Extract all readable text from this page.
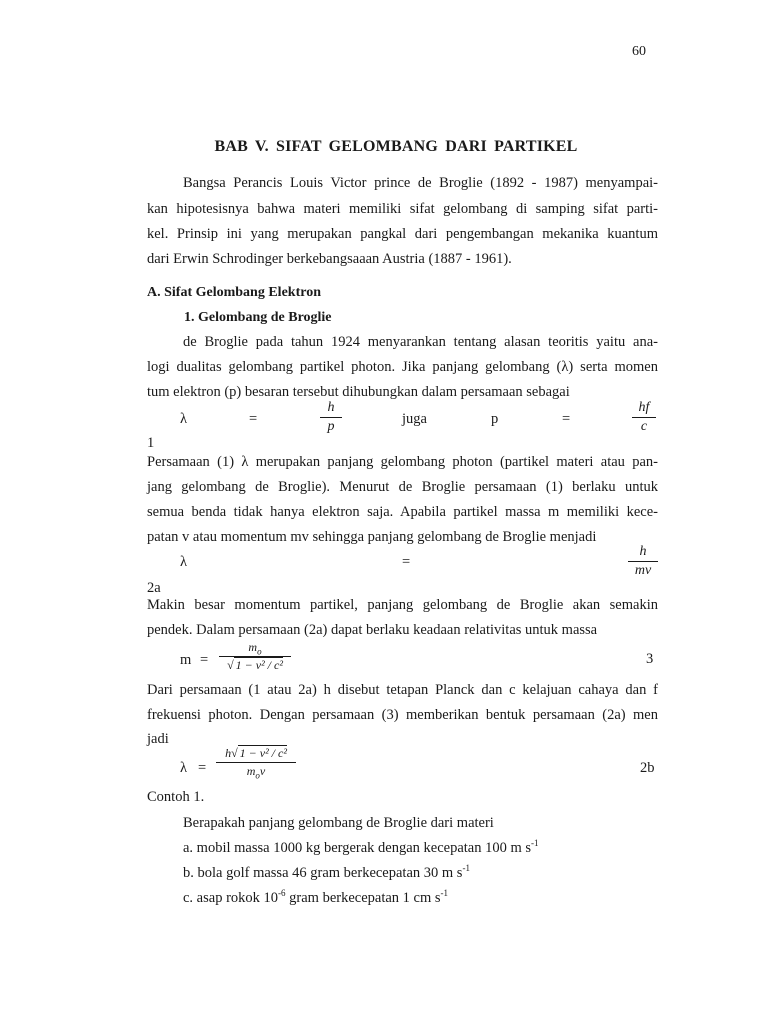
60
BAB V. SIFAT GELOMBANG DARI PARTIKEL
Bangsa Perancis Louis Victor prince de Broglie (1892 - 1987) menyampai-
kan hipotesisnya bahwa materi memiliki sifat gelombang di samping sifat parti-
kel. Prinsip ini yang merupakan pangkal dari pengembangan mekanika kuantum
dari Erwin Schrodinger berkebangsaaan Austria (1887 - 1961).
A. Sifat Gelombang Elektron
1. Gelombang de Broglie
de Broglie pada tahun 1924 menyarankan tentang alasan teoritis yaitu ana-
logi dualitas gelombang partikel photon. Jika panjang gelombang (λ) serta momen
tum elektron (p) besaran tersebut dihubungkan dalam persamaan sebagai
λ	=
h
p	juga	p	=
hf
c
1
Persamaan (1) λ merupakan panjang gelombang photon (partikel materi atau pan-
jang gelombang de Broglie). Menurut de Broglie persamaan (1) berlaku untuk
semua benda tidak hanya elektron saja. Apabila partikel massa m memiliki kece-
patan v atau momentum mv sehingga panjang gelombang de Broglie menjadi
λ	=
h
mv
2a
Makin besar momentum partikel, panjang gelombang de Broglie akan semakin
pendek. Dalam persamaan (2a) dapat berlaku keadaan relativitas untuk massa
m =
$m_o$
√ 1 − v² / c²	3
Dari persamaan (1 atau 2a) h disebut tetapan Planck dan c kelajuan cahaya dan f
frekuensi photon. Dengan persamaan (3) memberikan bentuk persamaan (2a) men
jadi
λ =
h√ 1 − v² / c²
$m_ov$	2b
Contoh 1.
Berapakah panjang gelombang de Broglie dari materi
a. mobil massa 1000 kg bergerak dengan kecepatan 100 m $s^{-1}$
b. bola golf massa 46 gram berkecepatan 30 m $s^{-1}$
c. asap rokok $10^{-6}$ gram berkecepatan 1 cm $s^{-1}$
